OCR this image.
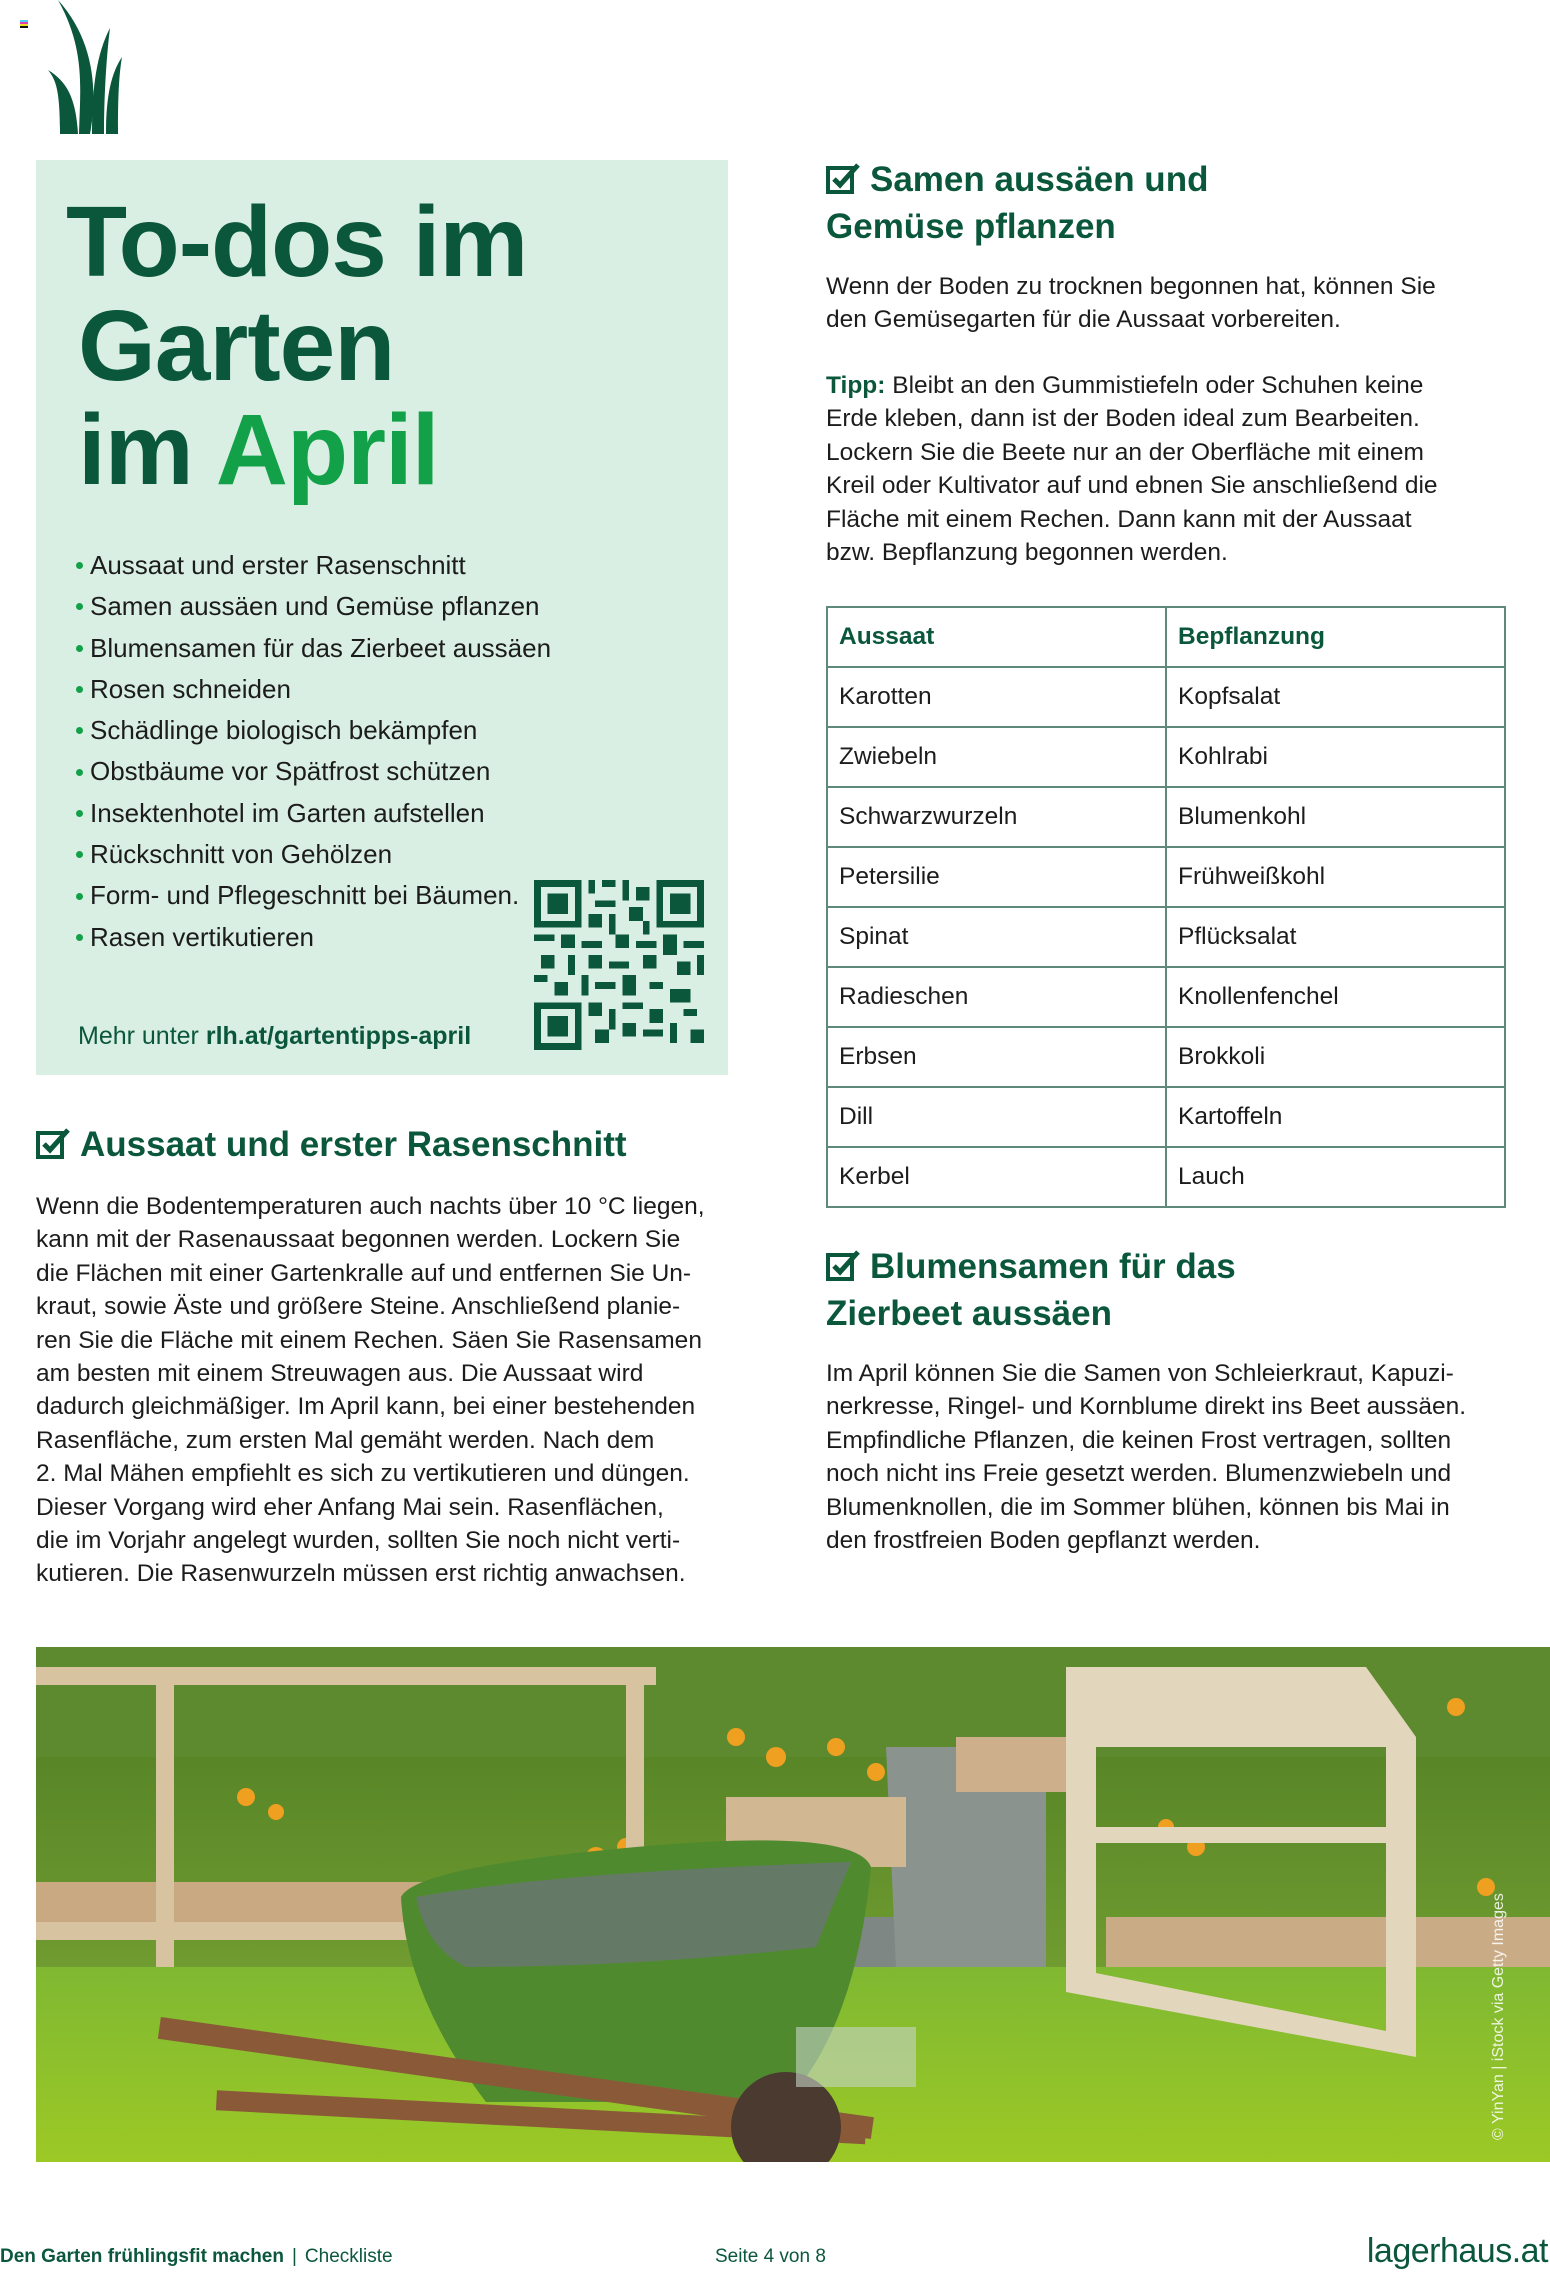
To-dos im
Garten
im April
Aussaat und erster Rasenschnitt
Samen aussäen und Gemüse pflanzen
Blumensamen für das Zierbeet aussäen
Rosen schneiden
Schädlinge biologisch bekämpfen
Obstbäume vor Spätfrost schützen
Insektenhotel im Garten aufstellen
Rückschnitt von Gehölzen
Form- und Pflegeschnitt bei Bäumen.
Rasen vertikutieren
Mehr unter rlh.at/gartentipps-april
Aussaat und erster Rasenschnitt

Wenn die Bodentemperaturen auch nachts über 10 °C liegen,

kann mit der Rasenaussaat begonnen werden. Lockern Sie

die Flächen mit einer Gartenkralle auf und entfernen Sie Un-

kraut, sowie Äste und größere Steine. Anschließend planie-

ren Sie die Fläche mit einem Rechen. Säen Sie Rasensamen

am besten mit einem Streuwagen aus. Die Aussaat wird

dadurch gleichmäßiger. Im April kann, bei einer bestehenden

Rasenfläche, zum ersten Mal gemäht werden. Nach dem

2. Mal Mähen empfiehlt es sich zu vertikutieren und düngen.

Dieser Vorgang wird eher Anfang Mai sein. Rasenflächen,

die im Vorjahr angelegt wurden, sollten Sie noch nicht verti-

kutieren. Die Rasenwurzeln müssen erst richtig anwachsen.

Samen aussäen und
Gemüse pflanzen

Wenn der Boden zu trocknen begonnen hat, können Sie

den Gemüsegarten für die Aussaat vorbereiten.

Tipp: Bleibt an den Gummistiefeln oder Schuhen keine

Erde kleben, dann ist der Boden ideal zum Bearbeiten.

Lockern Sie die Beete nur an der Oberfläche mit einem

Kreil oder Kultivator auf und ebnen Sie anschließend die

Fläche mit einem Rechen. Dann kann mit der Aussaat

bzw. Bepflanzung begonnen werden.

Aussaat	Bepflanzung
Karotten	Kopfsalat
Zwiebeln	Kohlrabi
Schwarzwurzeln	Blumenkohl
Petersilie	Frühweißkohl
Spinat	Pflücksalat
Radieschen	Knollenfenchel
Erbsen	Brokkoli
Dill	Kartoffeln
Kerbel	Lauch
Blumensamen für das
Zierbeet aussäen

Im April können Sie die Samen von Schleierkraut, Kapuzi-

nerkresse, Ringel- und Kornblume direkt ins Beet aussäen.

Empfindliche Pflanzen, die keinen Frost vertragen, sollten

noch nicht ins Freie gesetzt werden. Blumenzwiebeln und

Blumenknollen, die im Sommer blühen, können bis Mai in

den frostfreien Boden gepflanzt werden.

© YinYan | iStock via Getty Images
Den Garten frühlingsfit machen | Checkliste	Seite 4 von 8	lagerhaus.at
